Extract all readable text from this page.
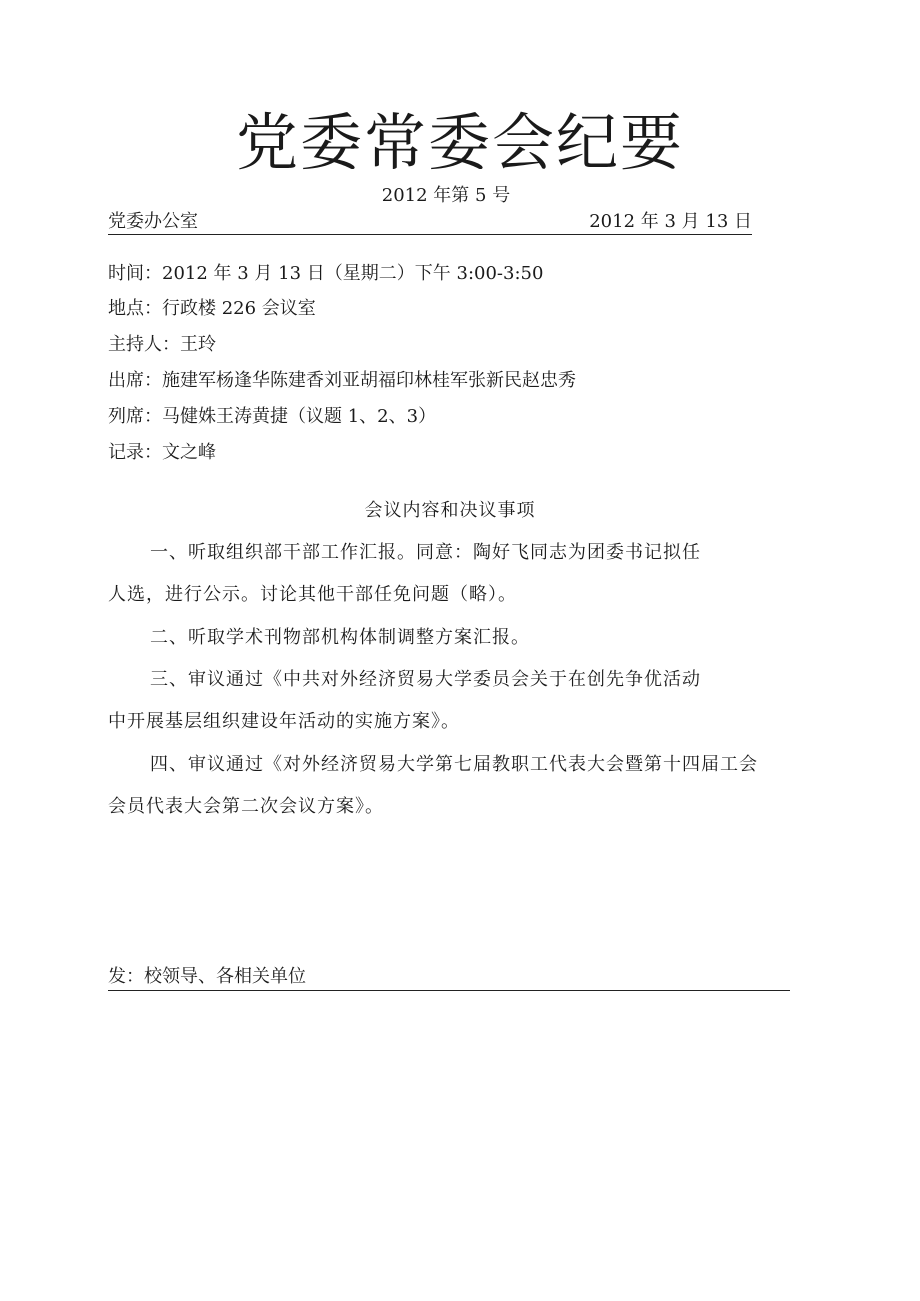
党委常委会纪要
2012 年第 5 号
党委办公室	2012 年 3 月 13 日
时间：2012 年 3 月 13 日（星期二）下午 3:00-3:50
地点：行政楼 226 会议室
主持人：王玲
出席：施建军杨逢华陈建香刘亚胡福印林桂军张新民赵忠秀
列席：马健姝王涛黄捷（议题 1、2、3）
记录：文之峰
会议内容和决议事项
一、听取组织部干部工作汇报。同意：陶好飞同志为团委书记拟任
人选，进行公示。讨论其他干部任免问题（略）。
二、听取学术刊物部机构体制调整方案汇报。
三、审议通过《中共对外经济贸易大学委员会关于在创先争优活动
中开展基层组织建设年活动的实施方案》。
四、审议通过《对外经济贸易大学第七届教职工代表大会暨第十四届工会
会员代表大会第二次会议方案》。
发：校领导、各相关单位
